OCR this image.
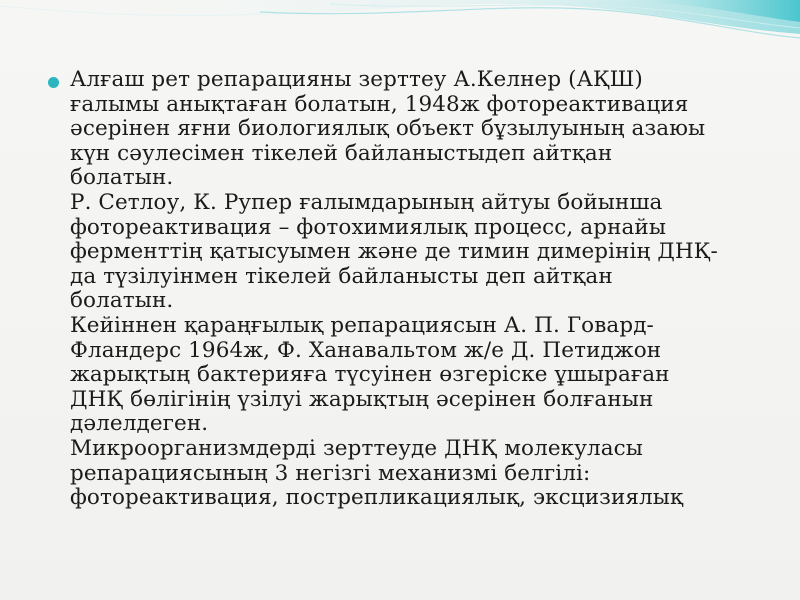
Алғаш рет репарацияны зерттеу А.Келнер (АҚШ)
ғалымы анықтаған болатын, 1948ж фотореактивация
әсерінен яғни биологиялық объект бұзылуының азаюы
күн сәулесімен тікелей байланыстыдеп айтқан
болатын.
Р. Сетлоу, К. Рупер ғалымдарының айтуы бойынша
фотореактивация – фотохимиялық процесс, арнайы
ферменттің қатысуымен және де тимин димерінің ДНҚ-
да түзілуінмен тікелей байланысты деп айтқан
болатын.
Кейіннен қараңғылық репарациясын А. П. Говард-
Фландерс 1964ж, Ф. Ханавальтом ж/е Д. Петиджон
жарықтың бактерияға түсуінен өзгеріске ұшыраған
ДНҚ бөлігінің үзілуі жарықтың әсерінен болғанын
дәлелдеген.
Микроорганизмдерді зерттеуде ДНҚ молекуласы
репарациясының 3 негізгі механизмі белгілі:
фотореактивация, пострепликациялық, эксцизиялық
